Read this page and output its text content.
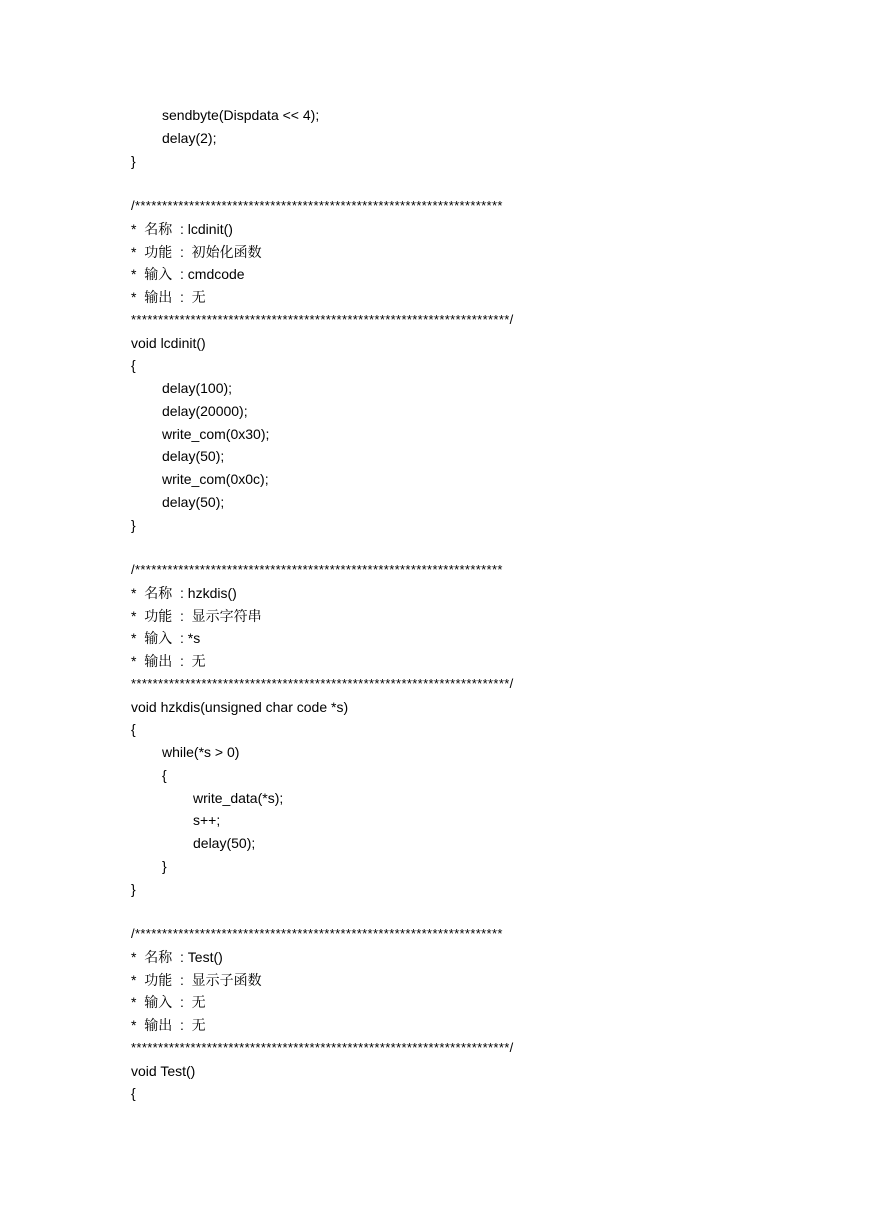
sendbyte(Dispdata << 4);
delay(2);
}
/********************************************************************
*  名称  : lcdinit()
*  功能  :  初始化函数
*  输入  : cmdcode
*  输出  :  无
**********************************************************************/
void lcdinit()
{
delay(100);
delay(20000);
write_com(0x30);
delay(50);
write_com(0x0c);
delay(50);
}
/********************************************************************
*  名称  : hzkdis()
*  功能  :  显示字符串
*  输入  : *s
*  输出  :  无
**********************************************************************/
void hzkdis(unsigned char code *s)
{
while(*s > 0)
{
write_data(*s);
s++;
delay(50);
}
}
/********************************************************************
*  名称  : Test()
*  功能  :  显示子函数
*  输入  :  无
*  输出  :  无
**********************************************************************/
void Test()
{
